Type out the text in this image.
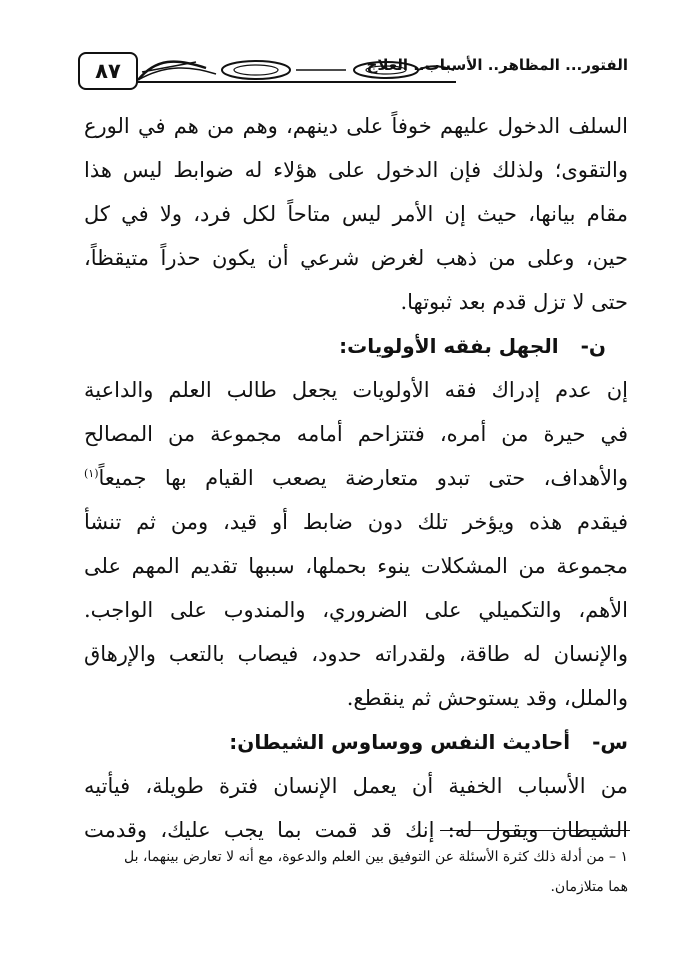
٨٧	الفتور... المظاهر.. الأسباب.. العلاج
السلف الدخول عليهم خوفاً على دينهم، وهم من هم في الورع
والتقوى؛ ولذلك فإن الدخول على هؤلاء له ضوابط ليس هذا
مقام بيانها، حيث إن الأمر ليس متاحاً لكل فرد، ولا في كل
حين، وعلى من ذهب لغرض شرعي أن يكون حذراً متيقظاً،
حتى لا تزل قدم بعد ثبوتها.
ن-الجهل بفقه الأولويات:
إن عدم إدراك فقه الأولويات يجعل طالب العلم والداعية
في حيرة من أمره، فتتزاحم أمامه مجموعة من المصالح
والأهداف، حتى تبدو متعارضة يصعب القيام بها جميعاً$^{(١)}$
فيقدم هذه ويؤخر تلك دون ضابط أو قيد، ومن ثم تنشأ
مجموعة من المشكلات ينوء بحملها، سببها تقديم المهم على
الأهم، والتكميلي على الضروري، والمندوب على الواجب.
والإنسان له طاقة، ولقدراته حدود، فيصاب بالتعب والإرهاق
والملل، وقد يستوحش ثم ينقطع.
س-أحاديث النفس ووساوس الشيطان:
من الأسباب الخفية أن يعمل الإنسان فترة طويلة، فيأتيه
الشيطان ويقول له: إنك قد قمت بما يجب عليك، وقدمت
١ – من أدلة ذلك كثرة الأسئلة عن التوفيق بين العلم والدعوة، مع أنه لا تعارض بينهما، بل
هما متلازمان.
